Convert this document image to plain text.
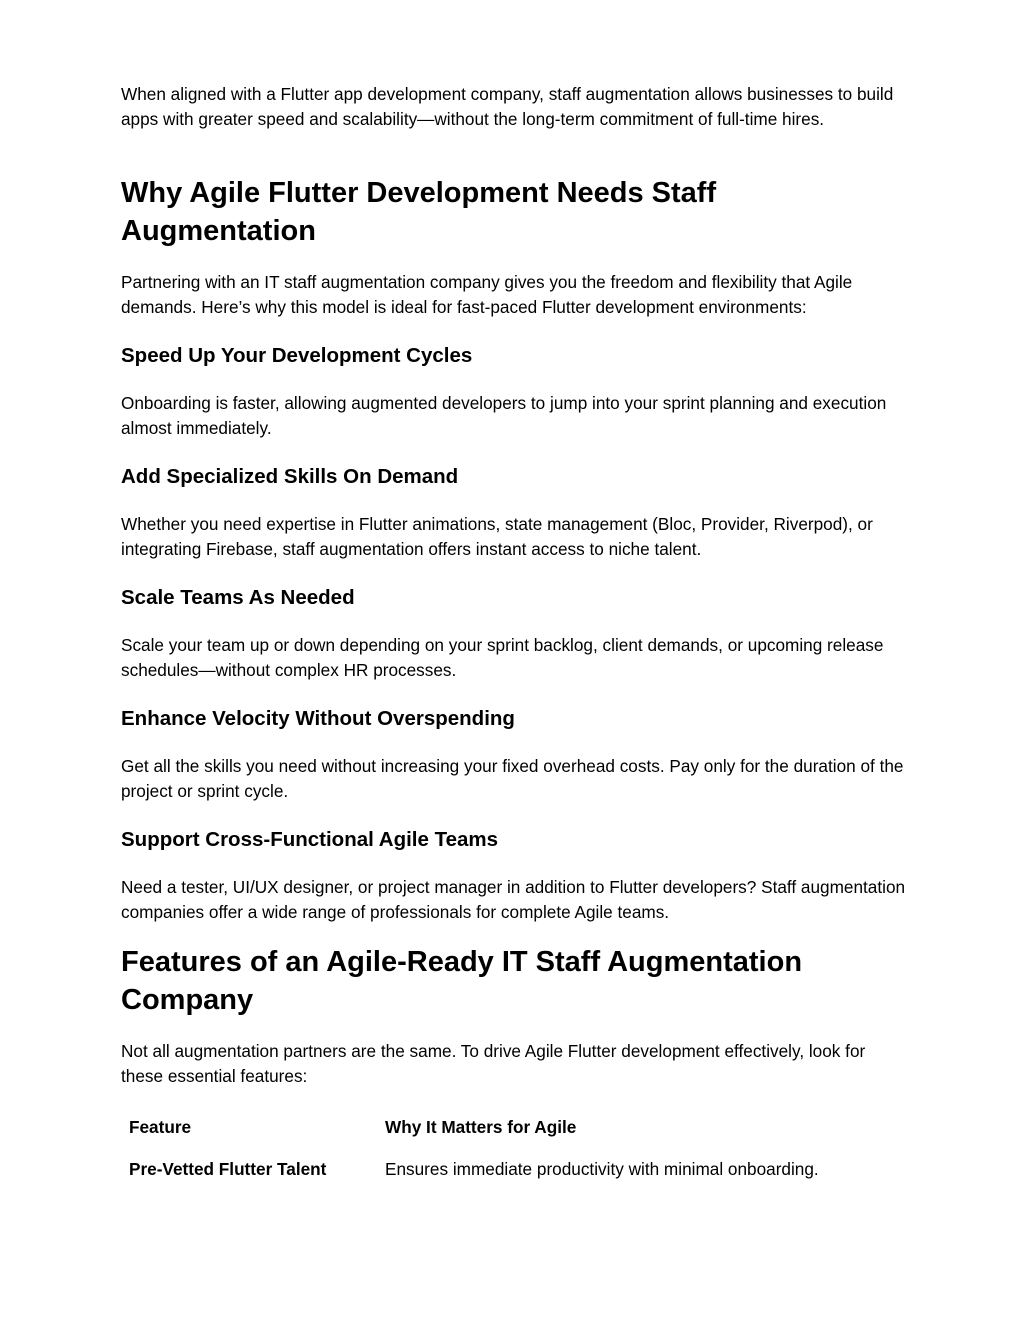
When aligned with a Flutter app development company, staff augmentation allows businesses to build apps with greater speed and scalability—without the long-term commitment of full-time hires.

Why Agile Flutter Development Needs Staff Augmentation

Partnering with an IT staff augmentation company gives you the freedom and flexibility that Agile demands. Here’s why this model is ideal for fast-paced Flutter development environments:

Speed Up Your Development Cycles

Onboarding is faster, allowing augmented developers to jump into your sprint planning and execution almost immediately.

Add Specialized Skills On Demand

Whether you need expertise in Flutter animations, state management (Bloc, Provider, Riverpod), or integrating Firebase, staff augmentation offers instant access to niche talent.

Scale Teams As Needed

Scale your team up or down depending on your sprint backlog, client demands, or upcoming release schedules—without complex HR processes.

Enhance Velocity Without Overspending

Get all the skills you need without increasing your fixed overhead costs. Pay only for the duration of the project or sprint cycle.

Support Cross-Functional Agile Teams

Need a tester, UI/UX designer, or project manager in addition to Flutter developers? Staff augmentation companies offer a wide range of professionals for complete Agile teams.

Features of an Agile-Ready IT Staff Augmentation Company

Not all augmentation partners are the same. To drive Agile Flutter development effectively, look for these essential features:

Feature	Why It Matters for Agile
Pre-Vetted Flutter Talent	Ensures immediate productivity with minimal onboarding.
